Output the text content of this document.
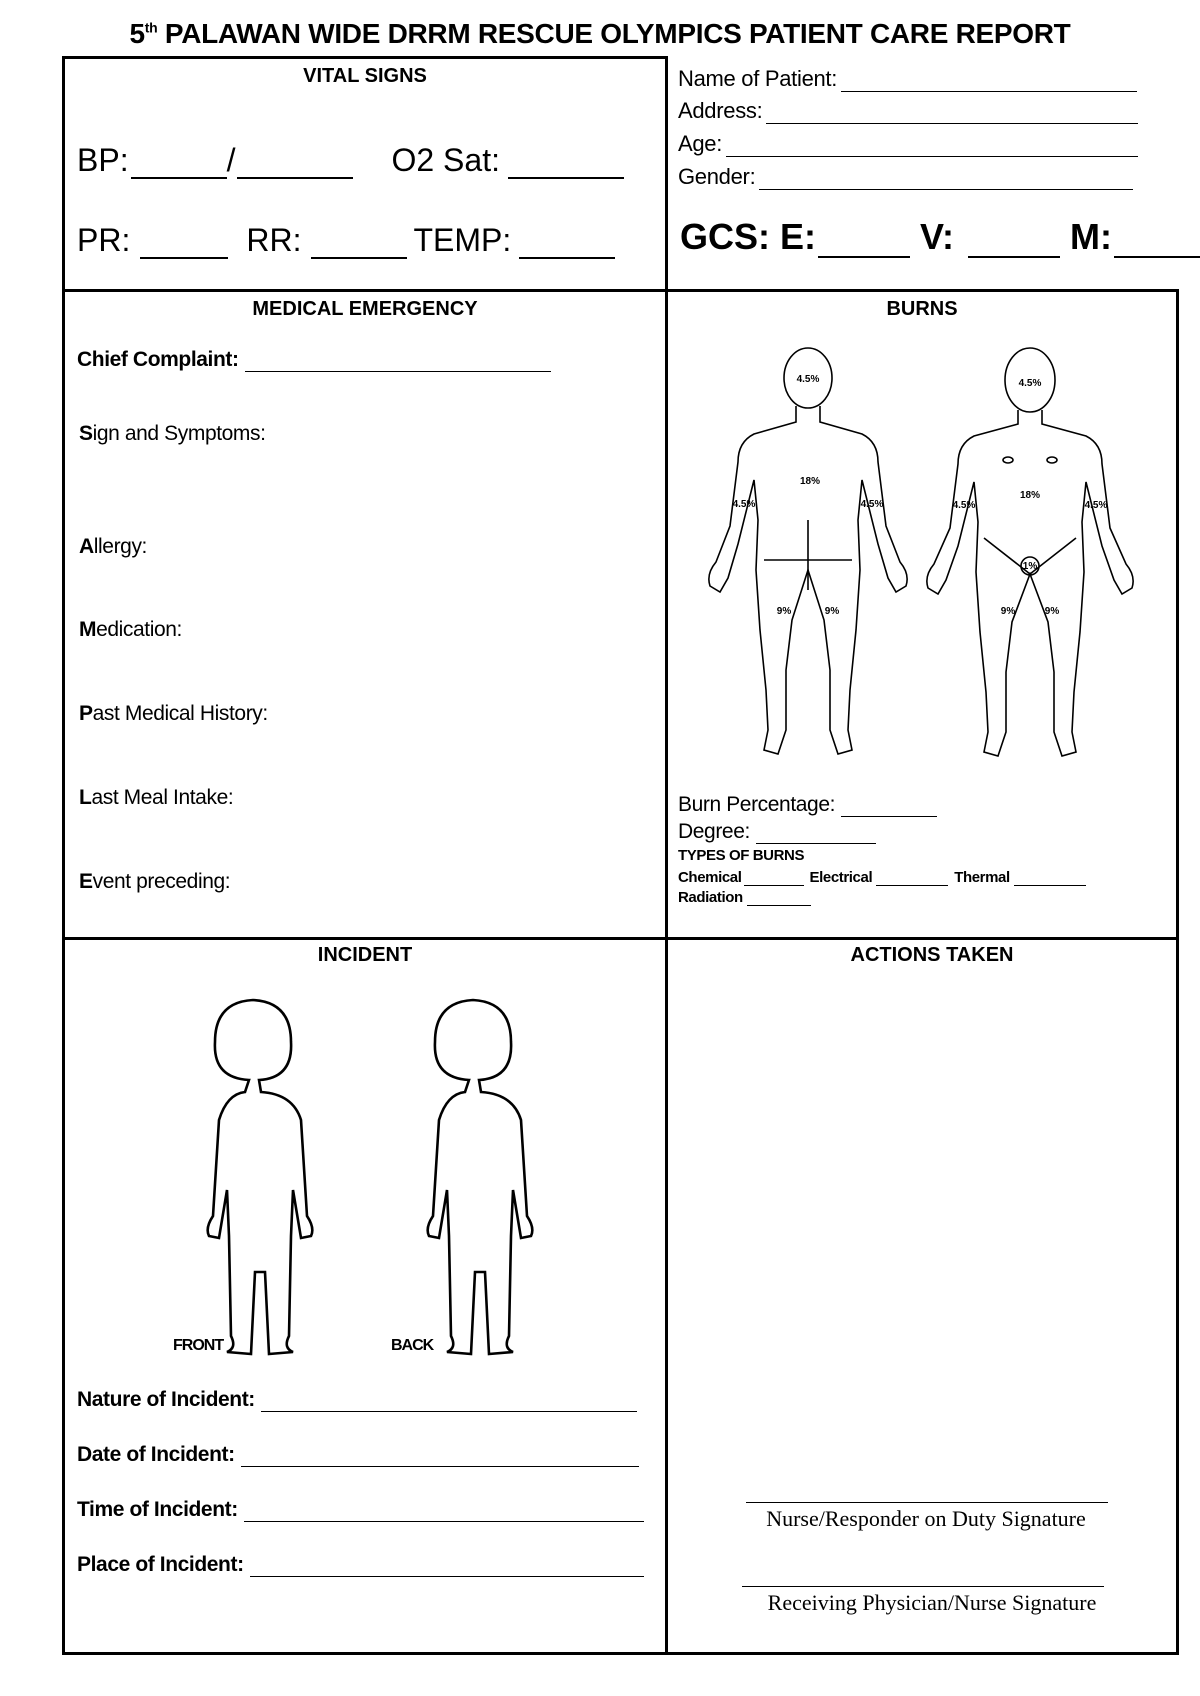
5th PALAWAN WIDE DRRM RESCUE OLYMPICS PATIENT CARE REPORT
VITAL SIGNS
BP:	/	O2 Sat:
PR:	RR:	TEMP:
Name of Patient:
Address:
Age:
Gender:
GCS: E:	V:	M:
MEDICAL EMERGENCY
Chief Complaint:
Sign and Symptoms:
Allergy:
Medication:
Past Medical History:
Last Meal Intake:
Event preceding:
BURNS
4.5%
18%
4.5%	4.5%
9%	9%
4.5%
18%
4.5%	4.5%
1%
9%	9%
Burn Percentage:
Degree:
TYPES OF BURNS
Chemical	Electrical	Thermal
Radiation
INCIDENT
FRONT	BACK
Nature of Incident:
Date of Incident:
Time of Incident:
Place of Incident:
ACTIONS TAKEN
Nurse/Responder on Duty Signature
Receiving Physician/Nurse Signature
